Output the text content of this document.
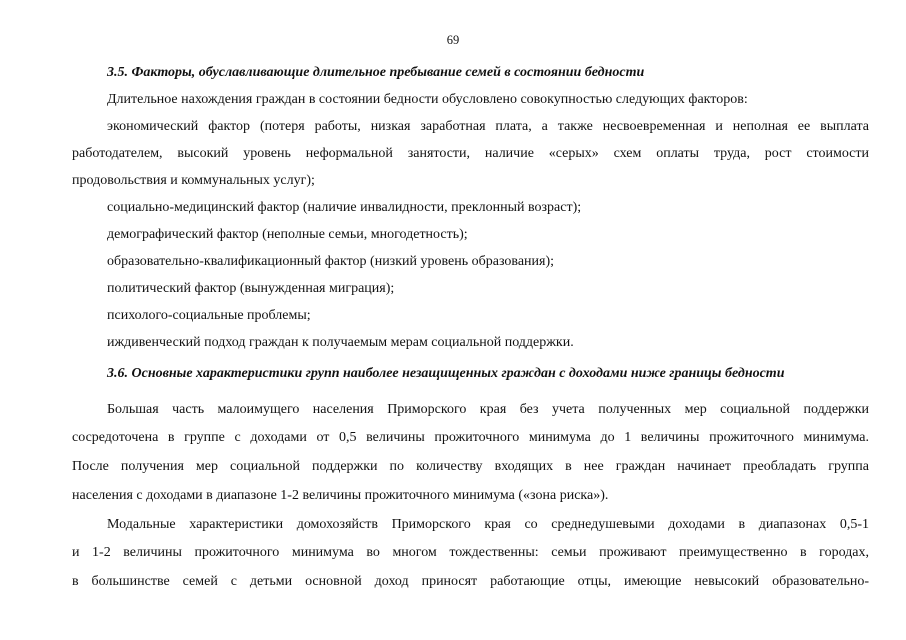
69
3.5. Факторы, обуславливающие длительное пребывание семей в состоянии бедности
Длительное нахождения граждан в состоянии бедности обусловлено совокупностью следующих факторов:
экономический фактор (потеря работы, низкая заработная плата, а также несвоевременная и неполная ее выплата
работодателем, высокий уровень неформальной занятости, наличие «серых» схем оплаты труда, рост стоимости
продовольствия и коммунальных услуг);
социально-медицинский фактор (наличие инвалидности, преклонный возраст);
демографический фактор (неполные семьи, многодетность);
образовательно-квалификационный фактор (низкий уровень образования);
политический фактор (вынужденная миграция);
психолого-социальные проблемы;
иждивенческий подход граждан к получаемым мерам социальной поддержки.
3.6. Основные характеристики групп наиболее незащищенных граждан с доходами ниже границы бедности
Большая часть малоимущего населения Приморского края без учета полученных мер социальной поддержки
сосредоточена в группе с доходами от 0,5 величины прожиточного минимума до 1 величины прожиточного минимума.
После получения мер социальной поддержки по количеству входящих в нее граждан начинает преобладать группа
населения с доходами в диапазоне 1-2 величины прожиточного минимума («зона риска»).
Модальные характеристики домохозяйств Приморского края со среднедушевыми доходами в диапазонах 0,5-1
и 1-2 величины прожиточного минимума во многом тождественны: семьи проживают преимущественно в городах,
в большинстве семей с детьми основной доход приносят работающие отцы, имеющие невысокий образовательно-
